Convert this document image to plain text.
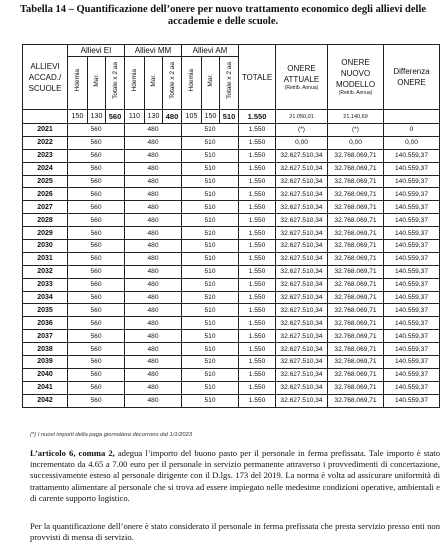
Tabella 14 – Quantificazione dell’onere per nuovo trattamento economico degli allievi delle
accademie e delle scuole.
ALLIEVI ACCAD./ SCUOLE	Allievi EI			Allievi MM			Allievi AM			TOTALE	ONERE ATTUALE
(Retrib. Annua)	ONERE NUOVO MODELLO
(Retrib. Annua)	Differenza ONERE
	Hdemia	Mar.	Totale x 2 aa	Hdemia	Mar.	Totale x 2 aa	Hdemia	Mar.	Totale x 2 aa				
	150	130	560	110	130	480	105	150	510	1.550	21.050,01	21.140,69	
2021	560			480			510			1.550	(*)	(*)	0
2022	560			480			510			1.550	0,00	0,00	0,00
2023	560			480			510			1.550	32.627.510,34	32.768.069,71	140.559,37
2024	560			480			510			1.550	32.627.510,34	32.768.069,71	140.559,37
2025	560			480			510			1.550	32.627.510,34	32.768.069,71	140.559,37
2026	560			480			510			1.550	32.627.510,34	32.768.069,71	140.559,37
2027	560			480			510			1.550	32.627.510,34	32.768.069,71	140.559,37
2028	560			480			510			1.550	32.627.510,34	32.768.069,71	140.559,37
2029	560			480			510			1.550	32.627.510,34	32.768.069,71	140.559,37
2030	560			480			510			1.550	32.627.510,34	32.768.069,71	140.559,37
2031	560			480			510			1.550	32.627.510,34	32.768.069,71	140.559,37
2032	560			480			510			1.550	32.627.510,34	32.768.069,71	140.559,37
2033	560			480			510			1.550	32.627.510,34	32.768.069,71	140.559,37
2034	560			480			510			1.550	32.627.510,34	32.768.069,71	140.559,37
2035	560			480			510			1.550	32.627.510,34	32.768.069,71	140.559,37
2036	560			480			510			1.550	32.627.510,34	32.768.069,71	140.559,37
2037	560			480			510			1.550	32.627.510,34	32.768.069,71	140.559,37
2038	560			480			510			1.550	32.627.510,34	32.768.069,71	140.559,37
2039	560			480			510			1.550	32.627.510,34	32.768.069,71	140.559,37
2040	560			480			510			1.550	32.627.510,34	32.768.069,71	140.559,37
2041	560			480			510			1.550	32.627.510,34	32.768.069,71	140.559,37
2042	560			480			510			1.550	32.627.510,34	32.768.069,71	140.559,37
(*) I nuovi importi della paga giornaliera decorrono dal 1/1/2023

L’articolo 6, comma 2, adegua l’importo del buono pasto per il personale in ferma prefissata. Tale importo è stato incrementato da 4.65 a 7.00 euro per il personale in servizio permanente attraverso i provvedimenti di concertazione, successivamente esteso al personale dirigente con il D.lgs. 173 del 2019. La norma è volta ad assicurare uniformità di trattamento alimentare al personale che si trova ad essere impiegato nelle medesime condizioni operative, ambientali e di carente supporto logistico.

Per la quantificazione dell’onere è stato considerato il personale in ferma prefissata che presta servizio presso enti non provvisti di mensa di servizio.
